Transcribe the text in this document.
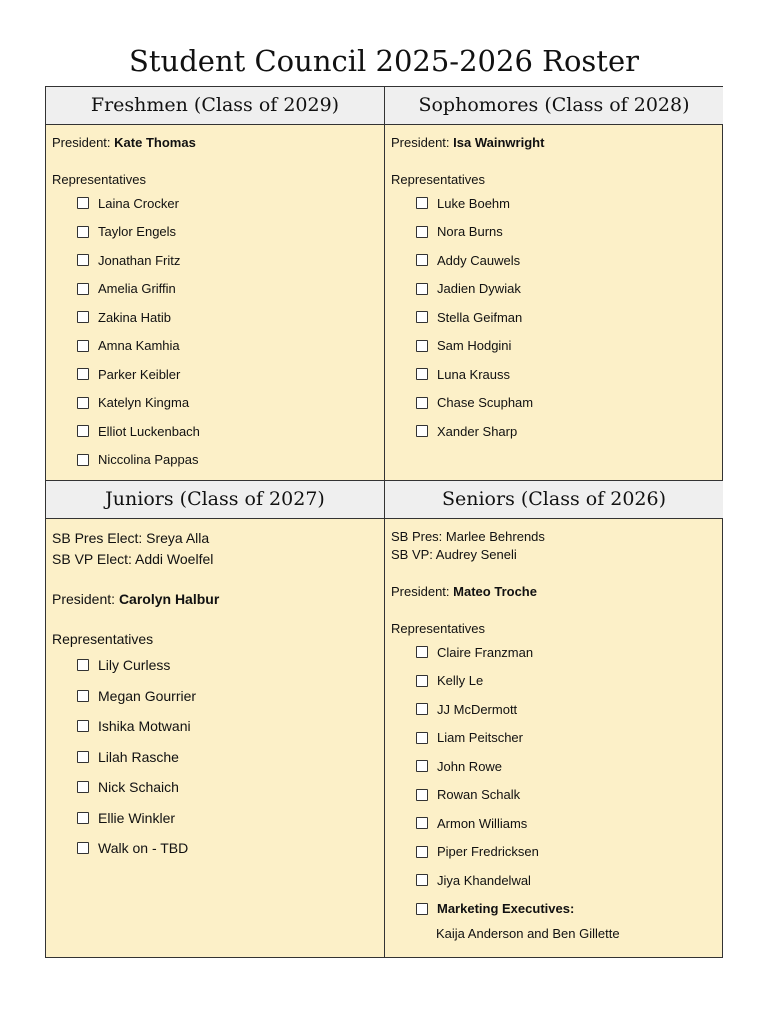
Student Council 2025-2026 Roster
Freshmen (Class of 2029)
President: Kate Thomas
Representatives
Laina Crocker
Taylor Engels
Jonathan Fritz
Amelia Griffin
Zakina Hatib
Amna Kamhia
Parker Keibler
Katelyn Kingma
Elliot Luckenbach
Niccolina Pappas
Sophomores (Class of 2028)
President: Isa Wainwright
Representatives
Luke Boehm
Nora Burns
Addy Cauwels
Jadien Dywiak
Stella Geifman
Sam Hodgini
Luna Krauss
Chase Scupham
Xander Sharp
Juniors (Class of 2027)
SB Pres Elect: Sreya Alla
SB VP Elect: Addi Woelfel
President: Carolyn Halbur
Representatives
Lily Curless
Megan Gourrier
Ishika Motwani
Lilah Rasche
Nick Schaich
Ellie Winkler
Walk on - TBD
Seniors (Class of 2026)
SB Pres: Marlee Behrends
SB VP: Audrey Seneli
President: Mateo Troche
Representatives
Claire Franzman
Kelly Le
JJ McDermott
Liam Peitscher
John Rowe
Rowan Schalk
Armon Williams
Piper Fredricksen
Jiya Khandelwal
Marketing Executives:
Kaija Anderson and Ben Gillette
